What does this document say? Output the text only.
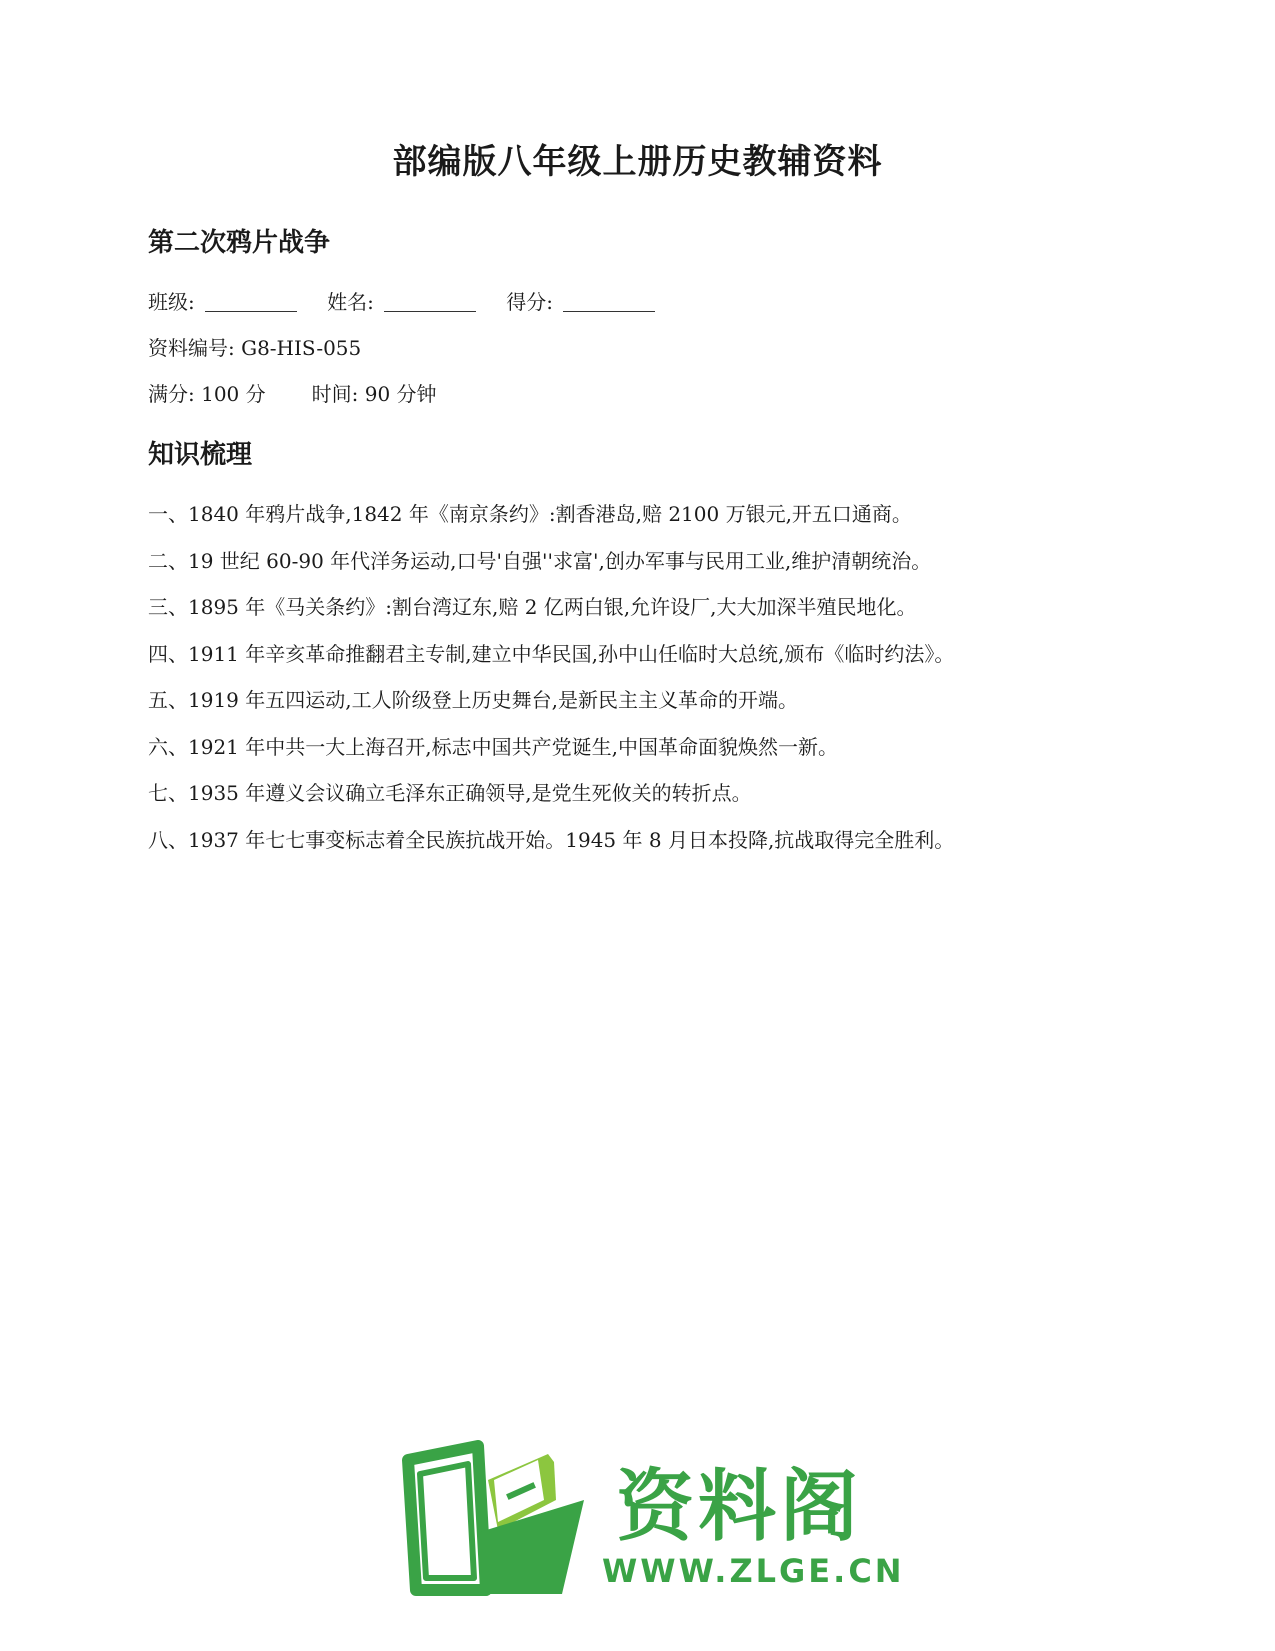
部编版八年级上册历史教辅资料
第二次鸦片战争
班级:	姓名:	得分:
资料编号: G8-HIS-055
满分: 100 分 时间: 90 分钟
知识梳理
一、1840 年鸦片战争,1842 年《南京条约》:割香港岛,赔 2100 万银元,开五口通商。
二、19 世纪 60-90 年代洋务运动,口号'自强''求富',创办军事与民用工业,维护清朝统治。
三、1895 年《马关条约》:割台湾辽东,赔 2 亿两白银,允许设厂,大大加深半殖民地化。
四、1911 年辛亥革命推翻君主专制,建立中华民国,孙中山任临时大总统,颁布《临时约法》。
五、1919 年五四运动,工人阶级登上历史舞台,是新民主主义革命的开端。
六、1921 年中共一大上海召开,标志中国共产党诞生,中国革命面貌焕然一新。
七、1935 年遵义会议确立毛泽东正确领导,是党生死攸关的转折点。
八、1937 年七七事变标志着全民族抗战开始。1945 年 8 月日本投降,抗战取得完全胜利。
资料阁
WWW.ZLGE.CN
